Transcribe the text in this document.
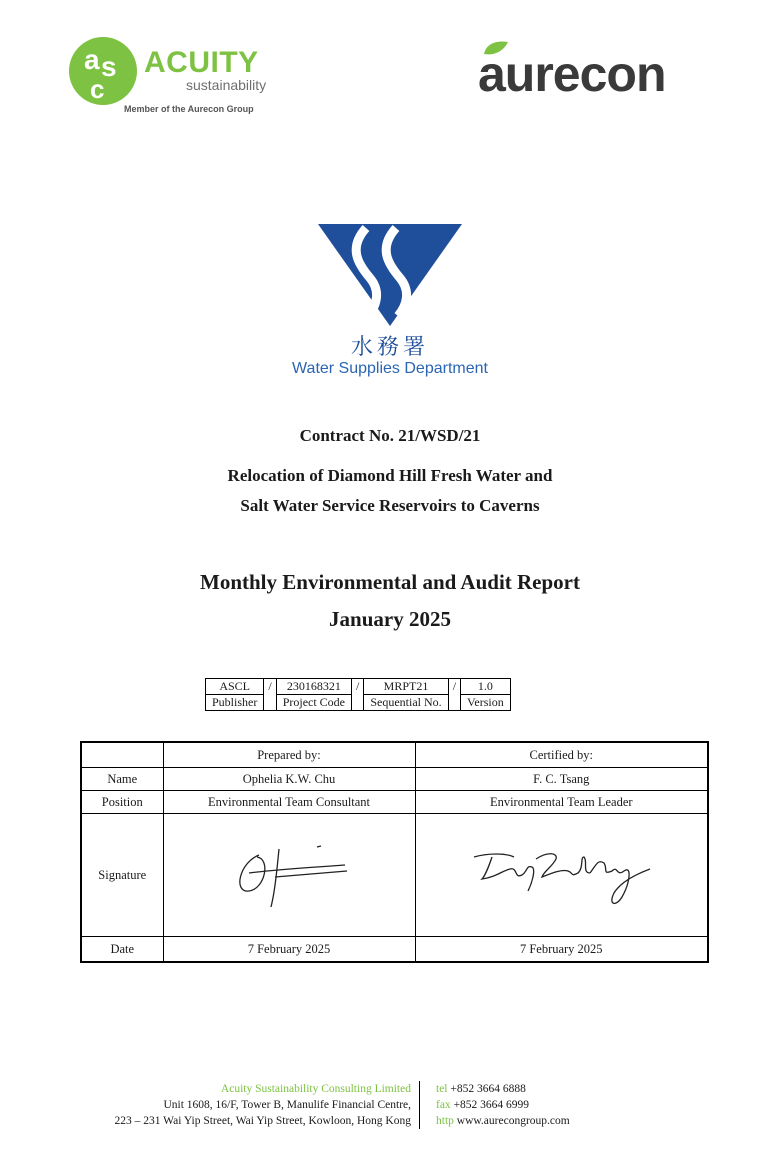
a s
c
ACUITY
sustainability
Member of the Aurecon Group
aurecon
水務署
Water Supplies Department
Contract No. 21/WSD/21
Relocation of Diamond Hill Fresh Water and
Salt Water Service Reservoirs to Caverns
Monthly Environmental and Audit Report
January 2025
ASCL	/	230168321	/	MRPT21	/	1.0
Publisher		Project Code		Sequential No.		Version
	Prepared by:	Certified by:
Name	Ophelia K.W. Chu	F. C. Tsang
Position	Environmental Team Consultant	Environmental Team Leader
Signature	

Date	7 February 2025	7 February 2025
Acuity Sustainability Consulting Limited
Unit 1608, 16/F, Tower B, Manulife Financial Centre,
223 – 231 Wai Yip Street, Wai Yip Street, Kowloon, Hong Kong
tel +852 3664 6888
fax +852 3664 6999
http www.aurecongroup.com
